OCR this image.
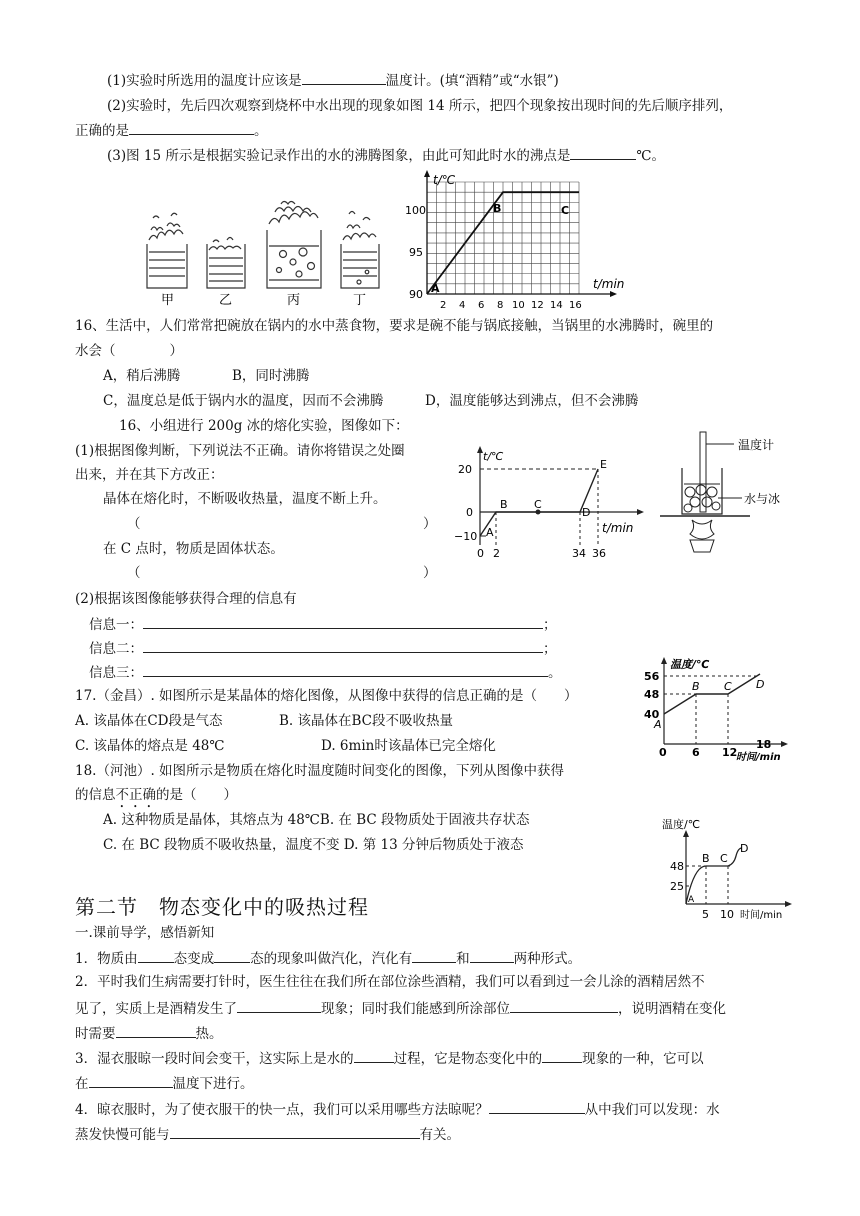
(1)实验时所选用的温度计应该是	温度计。(填“酒精”或“水银”)
(2)实验时，先后四次观察到烧杯中水出现的现象如图 14 所示，把四个现象按出现时间的先后顺序排列，
正确的是	。
(3)图 15 所示是根据实验记录作出的水的沸腾图象，由此可知此时水的沸点是	℃。
甲	乙	丙	丁
t/℃
t/min
90
95
100
2 4 6 8 10 12 14 16
A
B	C
16、生活中，人们常常把碗放在锅内的水中蒸食物，要求是碗不能与锅底接触，当锅里的水沸腾时，碗里的
水会（　　　　）
A，稍后沸腾	B，同时沸腾
C，温度总是低于锅内水的温度，因而不会沸腾	D，温度能够达到沸点，但不会沸腾
16、小组进行 200g 冰的熔化实验，图像如下：
(1)根据图像判断，下列说法不正确。请你将错误之处圈
出来，并在其下方改正：
晶体在熔化时，不断吸收热量，温度不断上升。
（	）
在 C 点时，物质是固体状态。
（	）
(2)根据该图像能够获得合理的信息有
信息一：	；
信息二：	；
信息三：	。
t/℃
t/min
20
0
−10
0 2	34 36
A
B C
D
E
温度计
水与冰
17.（金昌）. 如图所示是某晶体的熔化图像，从图像中获得的信息正确的是（　　）
A. 该晶体在CD段是气态	B. 该晶体在BC段不吸收热量
C. 该晶体的熔点是 48℃	D. 6min时该晶体已完全熔化
温度/℃
时间/min
56
48
40
0 6 12
18
A
B C D
18.（河池）. 如图所示是物质在熔化时温度随时间变化的图像，下列从图像中获得
的信息不正确的是（　　）
A. 这种物质是晶体，其熔点为 48℃B. 在 BC 段物质处于固液共存状态
C. 在 BC 段物质不吸收热量，温度不变 D. 第 13 分钟后物质处于液态
温度/℃
时间/min
48
25
5 10
A
B C
D
第二节　物态变化中的吸热过程
一.课前导学，感悟新知
1．物质由	态变成	态的现象叫做汽化，汽化有	和	两种形式。
2．平时我们生病需要打针时，医生往往在我们所在部位涂些酒精，我们可以看到过一会儿涂的酒精居然不
见了，实质上是酒精发生了	现象；同时我们能感到所涂部位	，说明酒精在变化
时需要	热。
3．湿衣服晾一段时间会变干，这实际上是水的	过程，它是物态变化中的	现象的一种，它可以
在	温度下进行。
4．晾衣服时，为了使衣服干的快一点，我们可以采用哪些方法晾呢？	从中我们可以发现：水
蒸发快慢可能与	有关。
